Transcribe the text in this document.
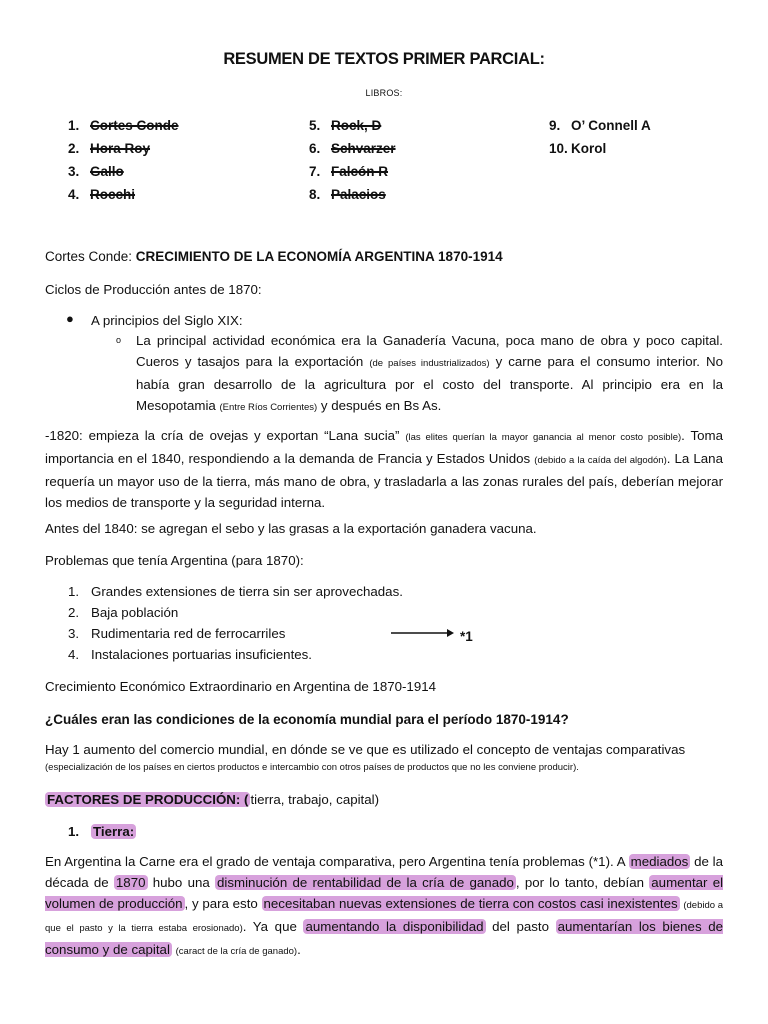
RESUMEN DE TEXTOS PRIMER PARCIAL:
LIBROS:
1. Cortes Conde
2. Hora Roy
3. Gallo
4. Rocchi
5. Rock, D
6. Schvarzer
7. Falcón R
8. Palacios
9. O’ Connell A
10. Korol
Cortes Conde: CRECIMIENTO DE LA ECONOMÍA ARGENTINA 1870-1914
Ciclos de Producción antes de 1870:
● A principios del Siglo XIX:
o La principal actividad económica era la Ganadería Vacuna, poca mano de obra y poco capital. Cueros y tasajos para la exportación (de países industrializados) y carne para el consumo interior. No había gran desarrollo de la agricultura por el costo del transporte. Al principio era en la Mesopotamia (Entre Ríos Corrientes) y después en Bs As.
-1820: empieza la cría de ovejas y exportan “Lana sucia” (las elites querían la mayor ganancia al menor costo posible). Toma importancia en el 1840, respondiendo a la demanda de Francia y Estados Unidos (debido a la caída del algodón). La Lana requería un mayor uso de la tierra, más mano de obra, y trasladarla a las zonas rurales del país, deberían mejorar los medios de transporte y la seguridad interna.
Antes del 1840: se agregan el sebo y las grasas a la exportación ganadera vacuna.
Problemas que tenía Argentina (para 1870):
1. Grandes extensiones de tierra sin ser aprovechadas.
2. Baja población
3. Rudimentaria red de ferrocarriles
4. Instalaciones portuarias insuficientes.
*1
Crecimiento Económico Extraordinario en Argentina de 1870-1914
¿Cuáles eran las condiciones de la economía mundial para el período 1870-1914?
Hay 1 aumento del comercio mundial, en dónde se ve que es utilizado el concepto de ventajas comparativas
(especialización de los países en ciertos productos e intercambio con otros países de productos que no les conviene producir).
FACTORES DE PRODUCCIÓN: ( tierra, trabajo, capital)
1. Tierra:
En Argentina la Carne era el grado de ventaja comparativa, pero Argentina tenía problemas (*1). A mediados de la década de 1870 hubo una disminución de rentabilidad de la cría de ganado , por lo tanto, debían aumentar el volumen de producción , y para esto necesitaban nuevas extensiones de tierra con costos casi inexistentes (debido a que el pasto y la tierra estaba erosionado). Ya que aumentando la disponibilidad del pasto aumentarían los bienes de consumo y de capital (caract de la cría de ganado).
